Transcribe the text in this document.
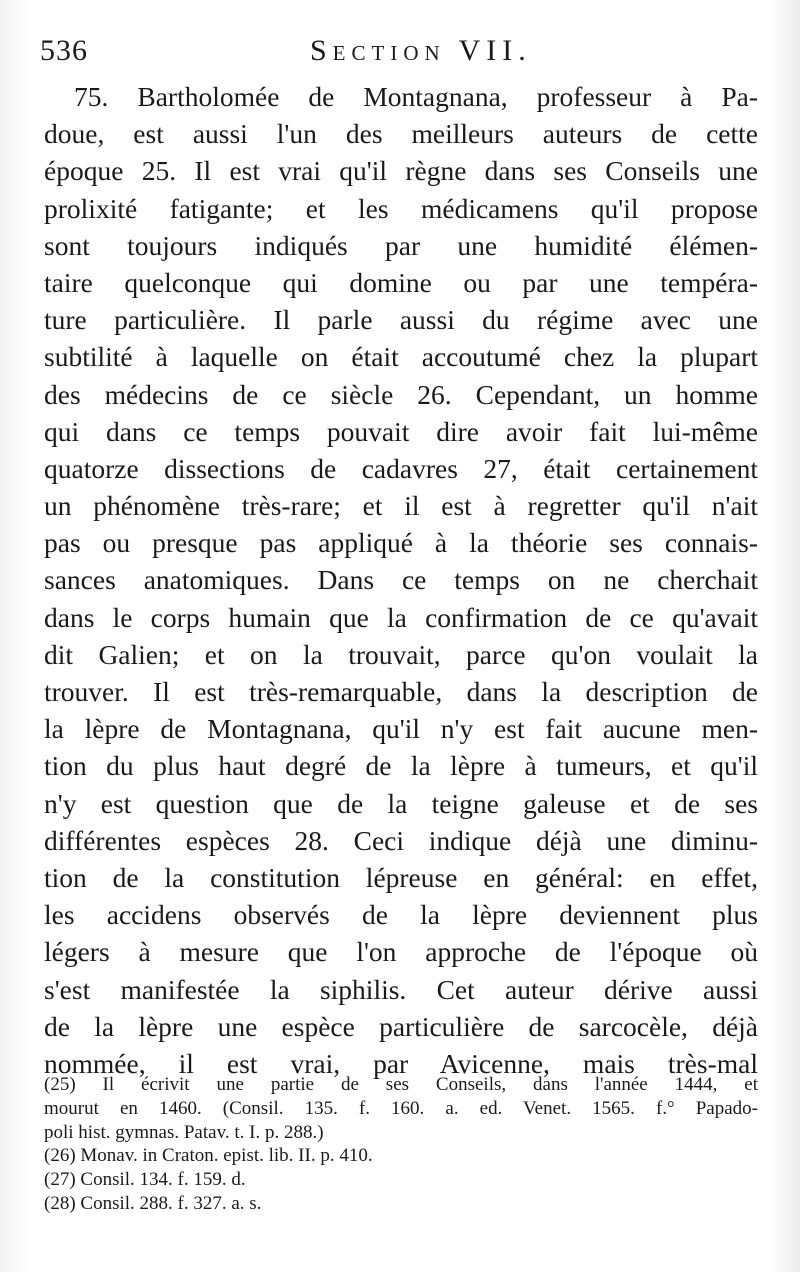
536	Section VII.
75. Bartholomée de Montagnana, professeur à Pa-
doue, est aussi l'un des meilleurs auteurs de cette
époque 25. Il est vrai qu'il règne dans ses Conseils une
prolixité fatigante; et les médicamens qu'il propose
sont toujours indiqués par une humidité élémen-
taire quelconque qui domine ou par une tempéra-
ture particulière. Il parle aussi du régime avec une
subtilité à laquelle on était accoutumé chez la plupart
des médecins de ce siècle 26. Cependant, un homme
qui dans ce temps pouvait dire avoir fait lui-même
quatorze dissections de cadavres 27, était certainement
un phénomène très-rare; et il est à regretter qu'il n'ait
pas ou presque pas appliqué à la théorie ses connais-
sances anatomiques. Dans ce temps on ne cherchait
dans le corps humain que la confirmation de ce qu'avait
dit Galien; et on la trouvait, parce qu'on voulait la
trouver. Il est très-remarquable, dans la description de
la lèpre de Montagnana, qu'il n'y est fait aucune men-
tion du plus haut degré de la lèpre à tumeurs, et qu'il
n'y est question que de la teigne galeuse et de ses
différentes espèces 28. Ceci indique déjà une diminu-
tion de la constitution lépreuse en général: en effet,
les accidens observés de la lèpre deviennent plus
légers à mesure que l'on approche de l'époque où
s'est manifestée la siphilis. Cet auteur dérive aussi
de la lèpre une espèce particulière de sarcocèle, déjà
nommée, il est vrai, par Avicenne, mais très-mal
(25) Il écrivit une partie de ses Conseils, dans l'année 1444, et
mourut en 1460. (Consil. 135. f. 160. a. ed. Venet. 1565. f.° Papado-
poli hist. gymnas. Patav. t. I. p. 288.)
(26) Monav. in Craton. epist. lib. II. p. 410.
(27) Consil. 134. f. 159. d.
(28) Consil. 288. f. 327. a. s.
